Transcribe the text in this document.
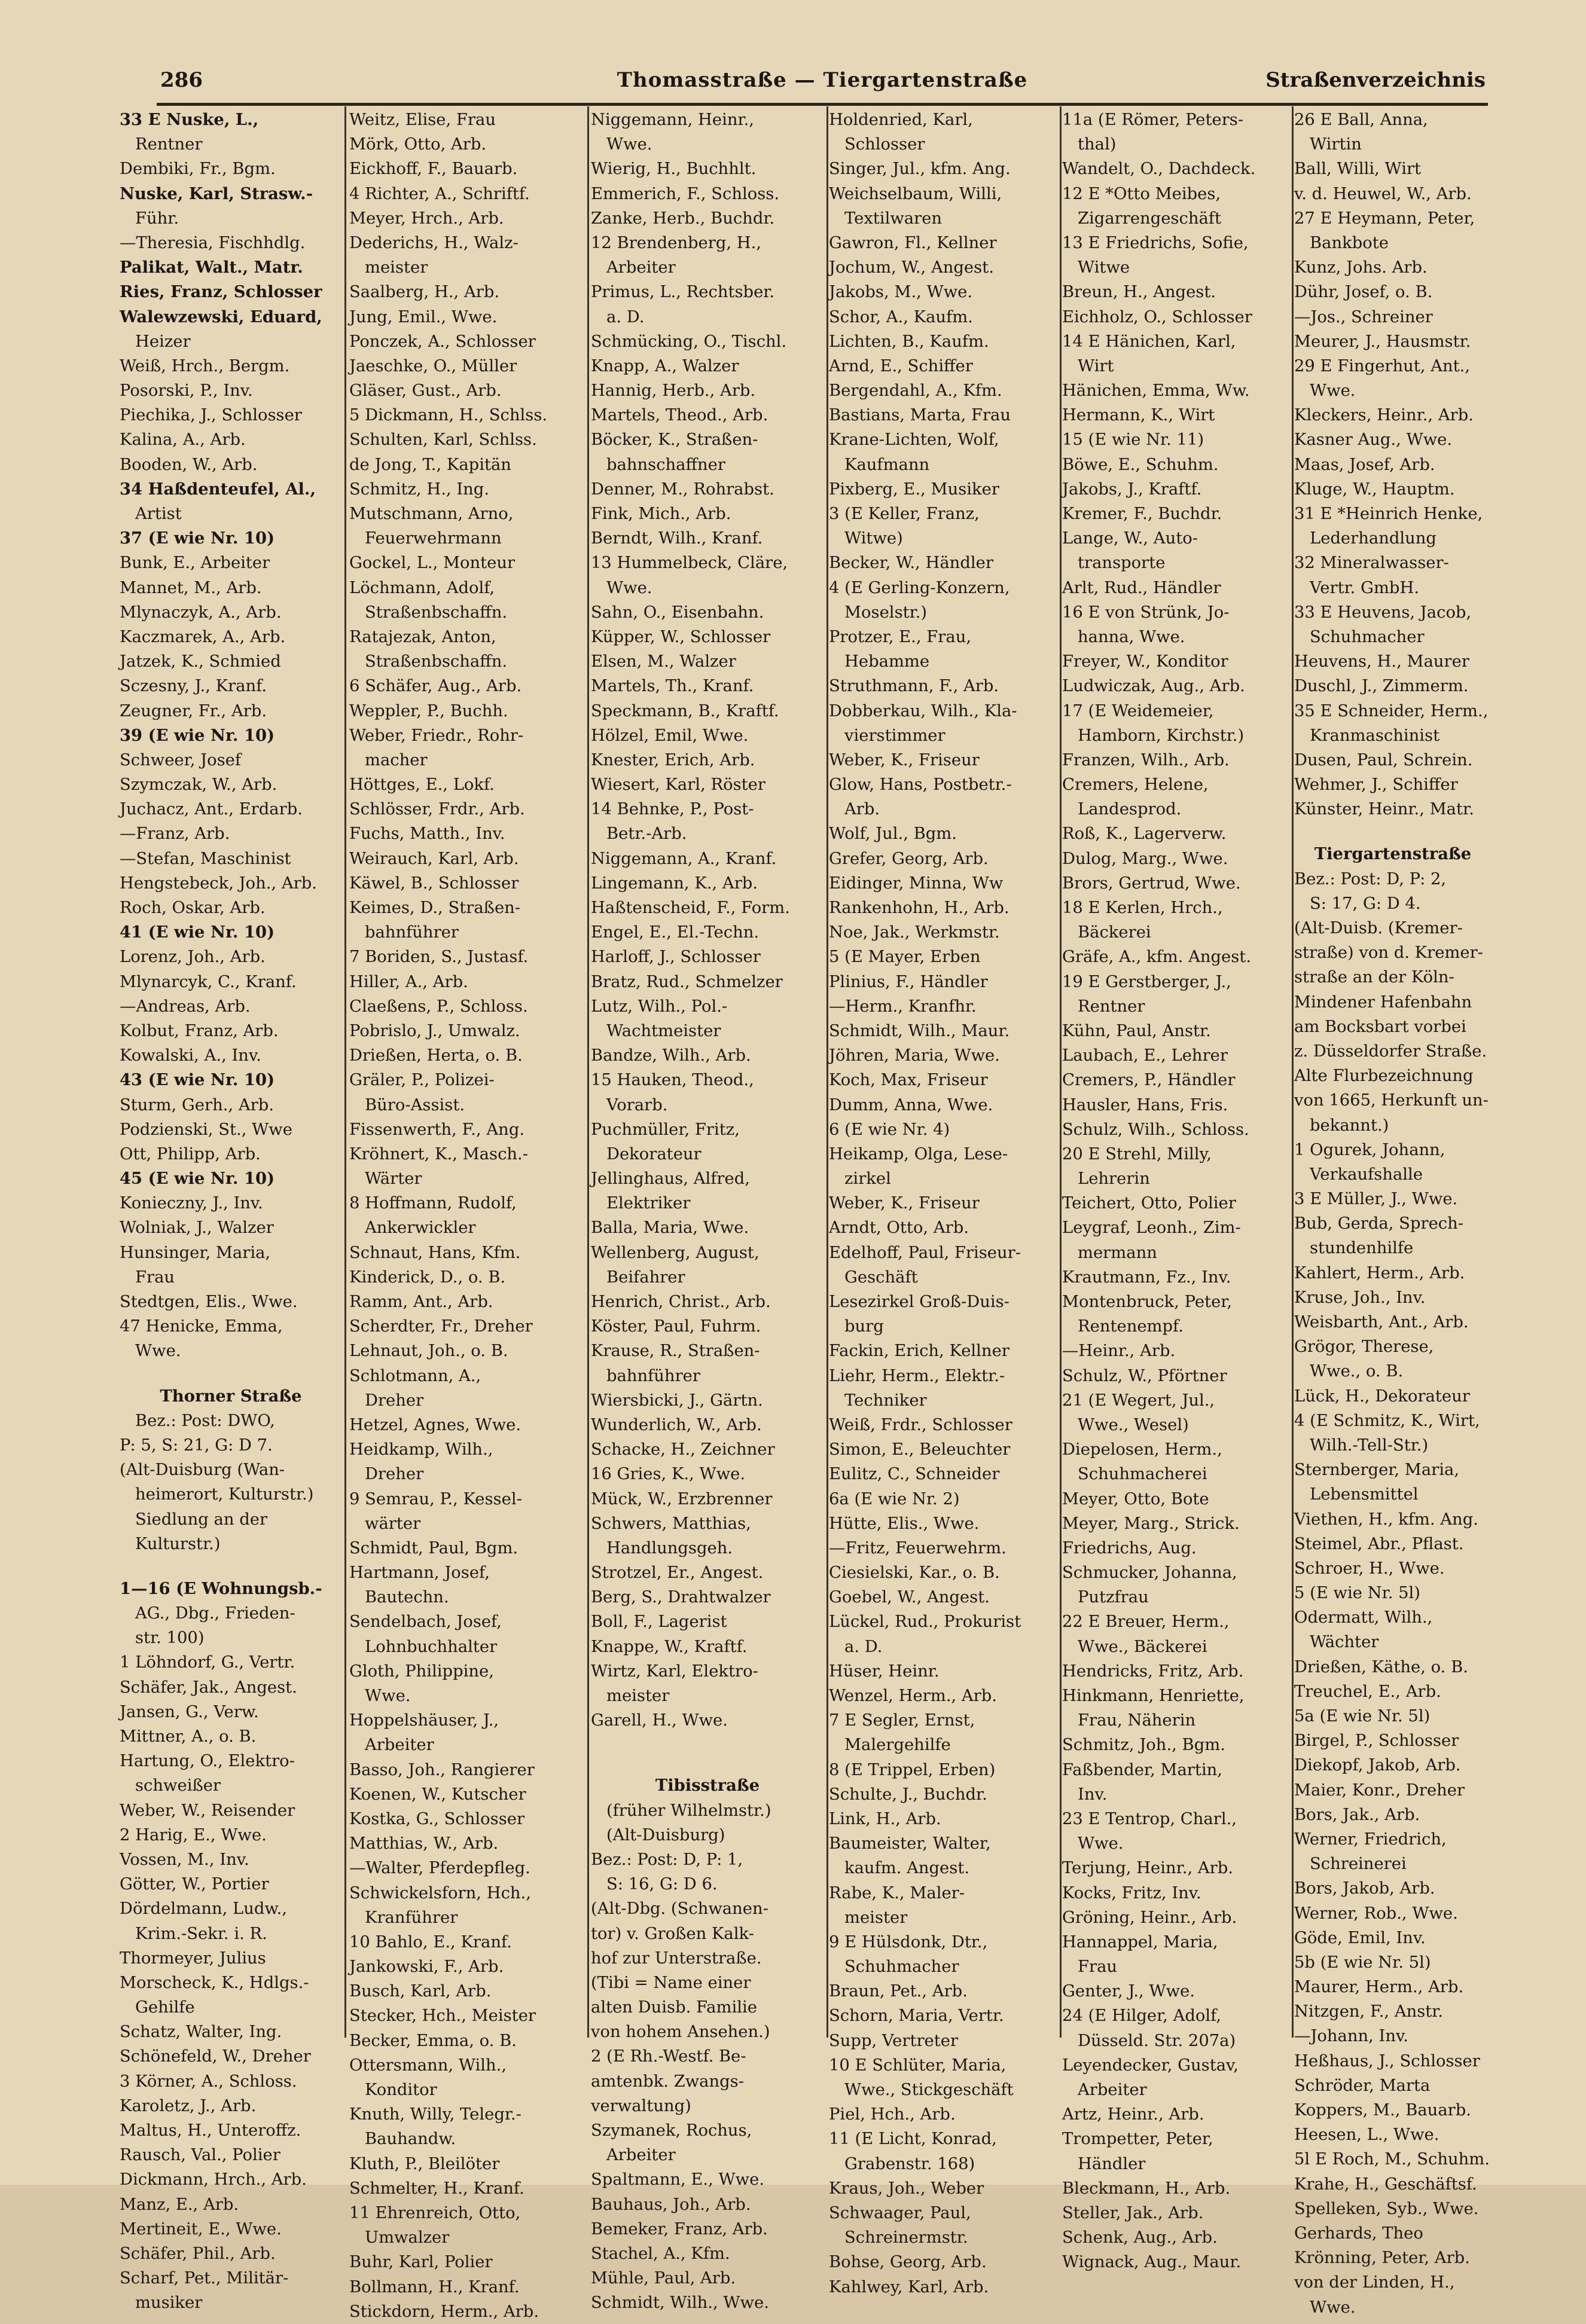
286	Thomasstraße — Tiergartenstraße	Straßenverzeichnis
33 E Nuske, L.,
Rentner
Dembiki, Fr., Bgm.
Nuske, Karl, Strasw.-
Führ.
—Theresia, Fischhdlg.
Palikat, Walt., Matr.
Ries, Franz, Schlosser
Walewzewski, Eduard,
Heizer
Weiß, Hrch., Bergm.
Posorski, P., Inv.
Piechika, J., Schlosser
Kalina, A., Arb.
Booden, W., Arb.
34 Haßdenteufel, Al.,
Artist
37 (E wie Nr. 10)
Bunk, E., Arbeiter
Mannet, M., Arb.
Mlynaczyk, A., Arb.
Kaczmarek, A., Arb.
Jatzek, K., Schmied
Sczesny, J., Kranf.
Zeugner, Fr., Arb.
39 (E wie Nr. 10)
Schweer, Josef
Szymczak, W., Arb.
Juchacz, Ant., Erdarb.
—Franz, Arb.
—Stefan, Maschinist
Hengstebeck, Joh., Arb.
Roch, Oskar, Arb.
41 (E wie Nr. 10)
Lorenz, Joh., Arb.
Mlynarcyk, C., Kranf.
—Andreas, Arb.
Kolbut, Franz, Arb.
Kowalski, A., Inv.
43 (E wie Nr. 10)
Sturm, Gerh., Arb.
Podzienski, St., Wwe
Ott, Philipp, Arb.
45 (E wie Nr. 10)
Konieczny, J., Inv.
Wolniak, J., Walzer
Hunsinger, Maria,
Frau
Stedtgen, Elis., Wwe.
47 Henicke, Emma,
Wwe.
Thorner Straße
Bez.: Post: DWO,
P: 5, S: 21, G: D 7.
(Alt-Duisburg (Wan-
heimerort, Kulturstr.)
Siedlung an der
Kulturstr.)
1—16 (E Wohnungsb.-
AG., Dbg., Frieden-
str. 100)
1 Löhndorf, G., Vertr.
Schäfer, Jak., Angest.
Jansen, G., Verw.
Mittner, A., o. B.
Hartung, O., Elektro-
schweißer
Weber, W., Reisender
2 Harig, E., Wwe.
Vossen, M., Inv.
Götter, W., Portier
Dördelmann, Ludw.,
Krim.-Sekr. i. R.
Thormeyer, Julius
Morscheck, K., Hdlgs.-
Gehilfe
Schatz, Walter, Ing.
Schönefeld, W., Dreher
3 Körner, A., Schloss.
Karoletz, J., Arb.
Maltus, H., Unteroffz.
Rausch, Val., Polier
Dickmann, Hrch., Arb.
Manz, E., Arb.
Mertineit, E., Wwe.
Schäfer, Phil., Arb.
Scharf, Pet., Militär-
musiker
Weitz, Elise, Frau
Mörk, Otto, Arb.
Eickhoff, F., Bauarb.
4 Richter, A., Schriftf.
Meyer, Hrch., Arb.
Dederichs, H., Walz-
meister
Saalberg, H., Arb.
Jung, Emil., Wwe.
Ponczek, A., Schlosser
Jaeschke, O., Müller
Gläser, Gust., Arb.
5 Dickmann, H., Schlss.
Schulten, Karl, Schlss.
de Jong, T., Kapitän
Schmitz, H., Ing.
Mutschmann, Arno,
Feuerwehrmann
Gockel, L., Monteur
Löchmann, Adolf,
Straßenbschaffn.
Ratajezak, Anton,
Straßenbschaffn.
6 Schäfer, Aug., Arb.
Weppler, P., Buchh.
Weber, Friedr., Rohr-
macher
Höttges, E., Lokf.
Schlösser, Frdr., Arb.
Fuchs, Matth., Inv.
Weirauch, Karl, Arb.
Käwel, B., Schlosser
Keimes, D., Straßen-
bahnführer
7 Boriden, S., Justasf.
Hiller, A., Arb.
Claeßens, P., Schloss.
Pobrislo, J., Umwalz.
Drießen, Herta, o. B.
Gräler, P., Polizei-
Büro-Assist.
Fissenwerth, F., Ang.
Kröhnert, K., Masch.-
Wärter
8 Hoffmann, Rudolf,
Ankerwickler
Schnaut, Hans, Kfm.
Kinderick, D., o. B.
Ramm, Ant., Arb.
Scherdter, Fr., Dreher
Lehnaut, Joh., o. B.
Schlotmann, A.,
Dreher
Hetzel, Agnes, Wwe.
Heidkamp, Wilh.,
Dreher
9 Semrau, P., Kessel-
wärter
Schmidt, Paul, Bgm.
Hartmann, Josef,
Bautechn.
Sendelbach, Josef,
Lohnbuchhalter
Gloth, Philippine,
Wwe.
Hoppelshäuser, J.,
Arbeiter
Basso, Joh., Rangierer
Koenen, W., Kutscher
Kostka, G., Schlosser
Matthias, W., Arb.
—Walter, Pferdepfleg.
Schwickelsforn, Hch.,
Kranführer
10 Bahlo, E., Kranf.
Jankowski, F., Arb.
Busch, Karl, Arb.
Stecker, Hch., Meister
Becker, Emma, o. B.
Ottersmann, Wilh.,
Konditor
Knuth, Willy, Telegr.-
Bauhandw.
Kluth, P., Bleilöter
Schmelter, H., Kranf.
11 Ehrenreich, Otto,
Umwalzer
Buhr, Karl, Polier
Bollmann, H., Kranf.
Stickdorn, Herm., Arb.
Niggemann, Heinr.,
Wwe.
Wierig, H., Buchhlt.
Emmerich, F., Schloss.
Zanke, Herb., Buchdr.
12 Brendenberg, H.,
Arbeiter
Primus, L., Rechtsber.
a. D.
Schmücking, O., Tischl.
Knapp, A., Walzer
Hannig, Herb., Arb.
Martels, Theod., Arb.
Böcker, K., Straßen-
bahnschaffner
Denner, M., Rohrabst.
Fink, Mich., Arb.
Berndt, Wilh., Kranf.
13 Hummelbeck, Cläre,
Wwe.
Sahn, O., Eisenbahn.
Küpper, W., Schlosser
Elsen, M., Walzer
Martels, Th., Kranf.
Speckmann, B., Kraftf.
Hölzel, Emil, Wwe.
Knester, Erich, Arb.
Wiesert, Karl, Röster
14 Behnke, P., Post-
Betr.-Arb.
Niggemann, A., Kranf.
Lingemann, K., Arb.
Haßtenscheid, F., Form.
Engel, E., El.-Techn.
Harloff, J., Schlosser
Bratz, Rud., Schmelzer
Lutz, Wilh., Pol.-
Wachtmeister
Bandze, Wilh., Arb.
15 Hauken, Theod.,
Vorarb.
Puchmüller, Fritz,
Dekorateur
Jellinghaus, Alfred,
Elektriker
Balla, Maria, Wwe.
Wellenberg, August,
Beifahrer
Henrich, Christ., Arb.
Köster, Paul, Fuhrm.
Krause, R., Straßen-
bahnführer
Wiersbicki, J., Gärtn.
Wunderlich, W., Arb.
Schacke, H., Zeichner
16 Gries, K., Wwe.
Mück, W., Erzbrenner
Schwers, Matthias,
Handlungsgeh.
Strotzel, Er., Angest.
Berg, S., Drahtwalzer
Boll, F., Lagerist
Knappe, W., Kraftf.
Wirtz, Karl, Elektro-
meister
Garell, H., Wwe.
Tibisstraße
(früher Wilhelmstr.)
(Alt-Duisburg)
Bez.: Post: D, P: 1,
S: 16, G: D 6.
(Alt-Dbg. (Schwanen-
tor) v. Großen Kalk-
hof zur Unterstraße.
(Tibi = Name einer
alten Duisb. Familie
von hohem Ansehen.)
2 (E Rh.-Westf. Be-
amtenbk. Zwangs-
verwaltung)
Szymanek, Rochus,
Arbeiter
Spaltmann, E., Wwe.
Bauhaus, Joh., Arb.
Bemeker, Franz, Arb.
Stachel, A., Kfm.
Mühle, Paul, Arb.
Schmidt, Wilh., Wwe.
Holdenried, Karl,
Schlosser
Singer, Jul., kfm. Ang.
Weichselbaum, Willi,
Textilwaren
Gawron, Fl., Kellner
Jochum, W., Angest.
Jakobs, M., Wwe.
Schor, A., Kaufm.
Lichten, B., Kaufm.
Arnd, E., Schiffer
Bergendahl, A., Kfm.
Bastians, Marta, Frau
Krane-Lichten, Wolf,
Kaufmann
Pixberg, E., Musiker
3 (E Keller, Franz,
Witwe)
Becker, W., Händler
4 (E Gerling-Konzern,
Moselstr.)
Protzer, E., Frau,
Hebamme
Struthmann, F., Arb.
Dobberkau, Wilh., Kla-
vierstimmer
Weber, K., Friseur
Glow, Hans, Postbetr.-
Arb.
Wolf, Jul., Bgm.
Grefer, Georg, Arb.
Eidinger, Minna, Ww
Rankenhohn, H., Arb.
Noe, Jak., Werkmstr.
5 (E Mayer, Erben
Plinius, F., Händler
—Herm., Kranfhr.
Schmidt, Wilh., Maur.
Jöhren, Maria, Wwe.
Koch, Max, Friseur
Dumm, Anna, Wwe.
6 (E wie Nr. 4)
Heikamp, Olga, Lese-
zirkel
Weber, K., Friseur
Arndt, Otto, Arb.
Edelhoff, Paul, Friseur-
Geschäft
Lesezirkel Groß-Duis-
burg
Fackin, Erich, Kellner
Liehr, Herm., Elektr.-
Techniker
Weiß, Frdr., Schlosser
Simon, E., Beleuchter
Eulitz, C., Schneider
6a (E wie Nr. 2)
Hütte, Elis., Wwe.
—Fritz, Feuerwehrm.
Ciesielski, Kar., o. B.
Goebel, W., Angest.
Lückel, Rud., Prokurist
a. D.
Hüser, Heinr.
Wenzel, Herm., Arb.
7 E Segler, Ernst,
Malergehilfe
8 (E Trippel, Erben)
Schulte, J., Buchdr.
Link, H., Arb.
Baumeister, Walter,
kaufm. Angest.
Rabe, K., Maler-
meister
9 E Hülsdonk, Dtr.,
Schuhmacher
Braun, Pet., Arb.
Schorn, Maria, Vertr.
Supp, Vertreter
10 E Schlüter, Maria,
Wwe., Stickgeschäft
Piel, Hch., Arb.
11 (E Licht, Konrad,
Grabenstr. 168)
Kraus, Joh., Weber
Schwaager, Paul,
Schreinermstr.
Bohse, Georg, Arb.
Kahlwey, Karl, Arb.
11a (E Römer, Peters-
thal)
Wandelt, O., Dachdeck.
12 E *Otto Meibes,
Zigarrengeschäft
13 E Friedrichs, Sofie,
Witwe
Breun, H., Angest.
Eichholz, O., Schlosser
14 E Hänichen, Karl,
Wirt
Hänichen, Emma, Ww.
Hermann, K., Wirt
15 (E wie Nr. 11)
Böwe, E., Schuhm.
Jakobs, J., Kraftf.
Kremer, F., Buchdr.
Lange, W., Auto-
transporte
Arlt, Rud., Händler
16 E von Strünk, Jo-
hanna, Wwe.
Freyer, W., Konditor
Ludwiczak, Aug., Arb.
17 (E Weidemeier,
Hamborn, Kirchstr.)
Franzen, Wilh., Arb.
Cremers, Helene,
Landesprod.
Roß, K., Lagerverw.
Dulog, Marg., Wwe.
Brors, Gertrud, Wwe.
18 E Kerlen, Hrch.,
Bäckerei
Gräfe, A., kfm. Angest.
19 E Gerstberger, J.,
Rentner
Kühn, Paul, Anstr.
Laubach, E., Lehrer
Cremers, P., Händler
Hausler, Hans, Fris.
Schulz, Wilh., Schloss.
20 E Strehl, Milly,
Lehrerin
Teichert, Otto, Polier
Leygraf, Leonh., Zim-
mermann
Krautmann, Fz., Inv.
Montenbruck, Peter,
Rentenempf.
—Heinr., Arb.
Schulz, W., Pförtner
21 (E Wegert, Jul.,
Wwe., Wesel)
Diepelosen, Herm.,
Schuhmacherei
Meyer, Otto, Bote
Meyer, Marg., Strick.
Friedrichs, Aug.
Schmucker, Johanna,
Putzfrau
22 E Breuer, Herm.,
Wwe., Bäckerei
Hendricks, Fritz, Arb.
Hinkmann, Henriette,
Frau, Näherin
Schmitz, Joh., Bgm.
Faßbender, Martin,
Inv.
23 E Tentrop, Charl.,
Wwe.
Terjung, Heinr., Arb.
Kocks, Fritz, Inv.
Gröning, Heinr., Arb.
Hannappel, Maria,
Frau
Genter, J., Wwe.
24 (E Hilger, Adolf,
Düsseld. Str. 207a)
Leyendecker, Gustav,
Arbeiter
Artz, Heinr., Arb.
Trompetter, Peter,
Händler
Bleckmann, H., Arb.
Steller, Jak., Arb.
Schenk, Aug., Arb.
Wignack, Aug., Maur.
26 E Ball, Anna,
Wirtin
Ball, Willi, Wirt
v. d. Heuwel, W., Arb.
27 E Heymann, Peter,
Bankbote
Kunz, Johs. Arb.
Dühr, Josef, o. B.
—Jos., Schreiner
Meurer, J., Hausmstr.
29 E Fingerhut, Ant.,
Wwe.
Kleckers, Heinr., Arb.
Kasner Aug., Wwe.
Maas, Josef, Arb.
Kluge, W., Hauptm.
31 E *Heinrich Henke,
Lederhandlung
32 Mineralwasser-
Vertr. GmbH.
33 E Heuvens, Jacob,
Schuhmacher
Heuvens, H., Maurer
Duschl, J., Zimmerm.
35 E Schneider, Herm.,
Kranmaschinist
Dusen, Paul, Schrein.
Wehmer, J., Schiffer
Künster, Heinr., Matr.
Tiergartenstraße
Bez.: Post: D, P: 2,
S: 17, G: D 4.
(Alt-Duisb. (Kremer-
straße) von d. Kremer-
straße an der Köln-
Mindener Hafenbahn
am Bocksbart vorbei
z. Düsseldorfer Straße.
Alte Flurbezeichnung
von 1665, Herkunft un-
bekannt.)
1 Ogurek, Johann,
Verkaufshalle
3 E Müller, J., Wwe.
Bub, Gerda, Sprech-
stundenhilfe
Kahlert, Herm., Arb.
Kruse, Joh., Inv.
Weisbarth, Ant., Arb.
Grögor, Therese,
Wwe., o. B.
Lück, H., Dekorateur
4 (E Schmitz, K., Wirt,
Wilh.-Tell-Str.)
Sternberger, Maria,
Lebensmittel
Viethen, H., kfm. Ang.
Steimel, Abr., Pflast.
Schroer, H., Wwe.
5 (E wie Nr. 5l)
Odermatt, Wilh.,
Wächter
Drießen, Käthe, o. B.
Treuchel, E., Arb.
5a (E wie Nr. 5l)
Birgel, P., Schlosser
Diekopf, Jakob, Arb.
Maier, Konr., Dreher
Bors, Jak., Arb.
Werner, Friedrich,
Schreinerei
Bors, Jakob, Arb.
Werner, Rob., Wwe.
Göde, Emil, Inv.
5b (E wie Nr. 5l)
Maurer, Herm., Arb.
Nitzgen, F., Anstr.
—Johann, Inv.
Heßhaus, J., Schlosser
Schröder, Marta
Koppers, M., Bauarb.
Heesen, L., Wwe.
5l E Roch, M., Schuhm.
Krahe, H., Geschäftsf.
Spelleken, Syb., Wwe.
Gerhards, Theo
Krönning, Peter, Arb.
von der Linden, H.,
Wwe.
